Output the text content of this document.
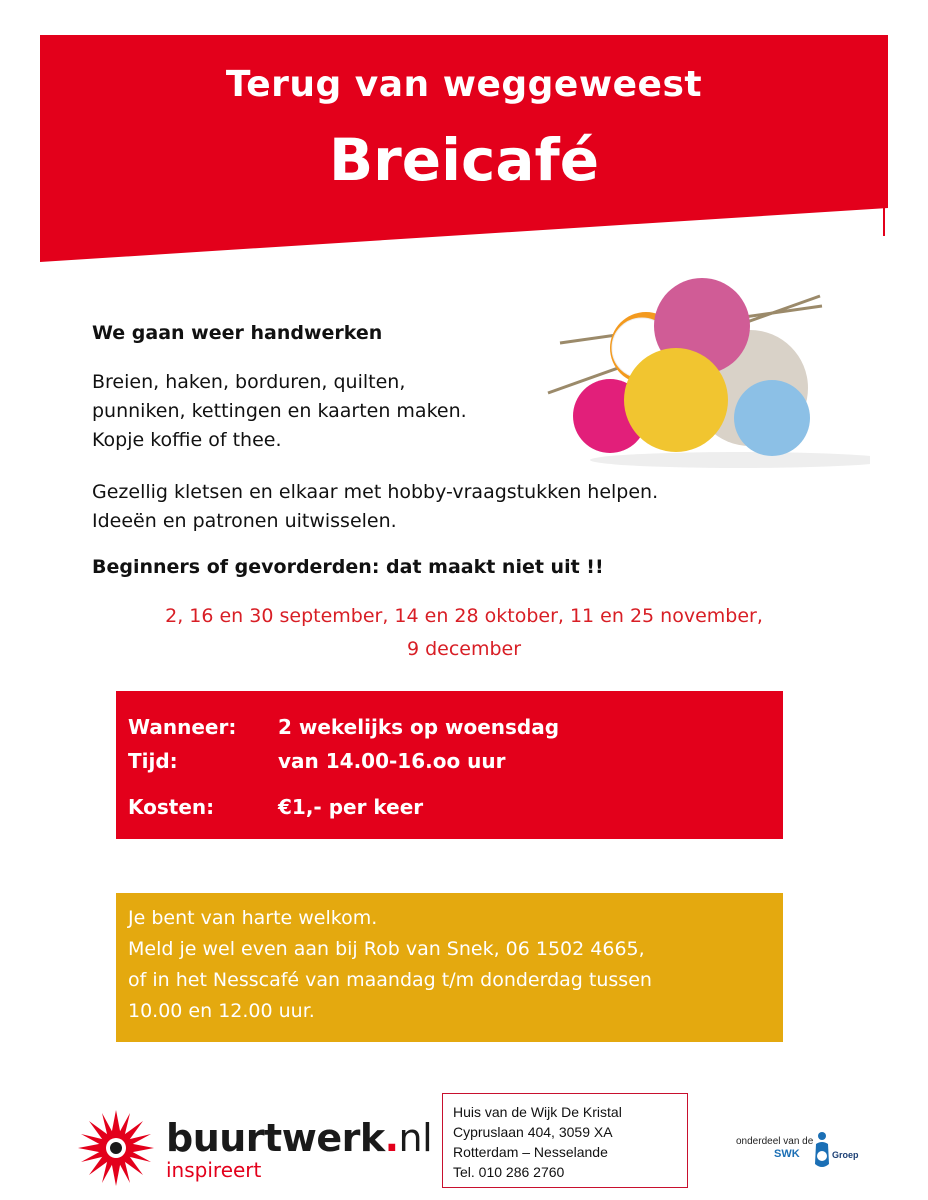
Terug van weggeweest
Breicafé
We gaan weer handwerken
Breien, haken, borduren, quilten,
punniken, kettingen en kaarten maken.
Kopje koffie of thee.
Gezellig kletsen en elkaar met hobby-vraagstukken helpen.
Ideeën en patronen uitwisselen.
Beginners of gevorderden: dat maakt niet uit !!
2, 16 en 30 september, 14 en 28 oktober, 11 en 25 november,
9 december
Wanneer: 2 wekelijks op woensdag
Tijd:	van 14.00-16.oo uur
Kosten:	€1,- per keer
Je bent van harte welkom.
Meld je wel even aan bij Rob van Snek, 06 1502 4665,
of in het Nesscafé van maandag t/m donderdag tussen
10.00 en 12.00 uur.
buurtwerk.nl
inspireert
Huis van de Wijk De Kristal
Cypruslaan 404, 3059 XA
Rotterdam – Nesselande
Tel. 010 286 2760
onderdeel van de
SWK	Groep
